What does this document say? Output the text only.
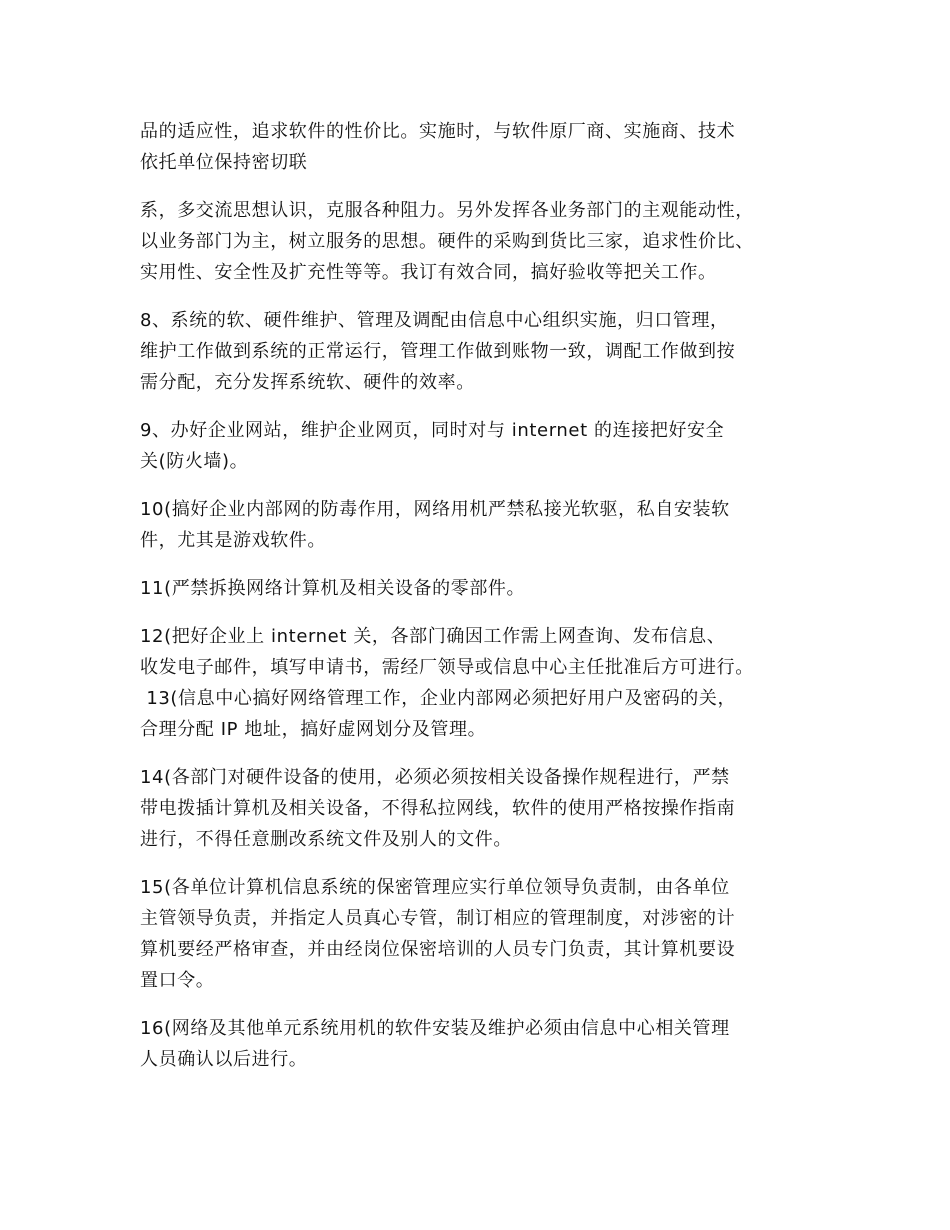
品的适应性，追求软件的性价比。实施时，与软件原厂商、实施商、技术
依托单位保持密切联

系，多交流思想认识，克服各种阻力。另外发挥各业务部门的主观能动性，
以业务部门为主，树立服务的思想。硬件的采购到货比三家，追求性价比、
实用性、安全性及扩充性等等。我订有效合同，搞好验收等把关工作。

8、系统的软、硬件维护、管理及调配由信息中心组织实施，归口管理，
维护工作做到系统的正常运行，管理工作做到账物一致，调配工作做到按
需分配，充分发挥系统软、硬件的效率。

9、办好企业网站，维护企业网页，同时对与 internet 的连接把好安全
关(防火墙)。

10(搞好企业内部网的防毒作用，网络用机严禁私接光软驱，私自安装软
件，尤其是游戏软件。

11(严禁拆换网络计算机及相关设备的零部件。

12(把好企业上 internet 关，各部门确因工作需上网查询、发布信息、
收发电子邮件，填写申请书，需经厂领导或信息中心主任批准后方可进行。
13(信息中心搞好网络管理工作，企业内部网必须把好用户及密码的关，
合理分配 IP 地址，搞好虚网划分及管理。

14(各部门对硬件设备的使用，必须必须按相关设备操作规程进行，严禁
带电拨插计算机及相关设备，不得私拉网线，软件的使用严格按操作指南
进行，不得任意删改系统文件及别人的文件。

15(各单位计算机信息系统的保密管理应实行单位领导负责制，由各单位
主管领导负责，并指定人员真心专管，制订相应的管理制度，对涉密的计
算机要经严格审查，并由经岗位保密培训的人员专门负责，其计算机要设
置口令。

16(网络及其他单元系统用机的软件安装及维护必须由信息中心相关管理
人员确认以后进行。
